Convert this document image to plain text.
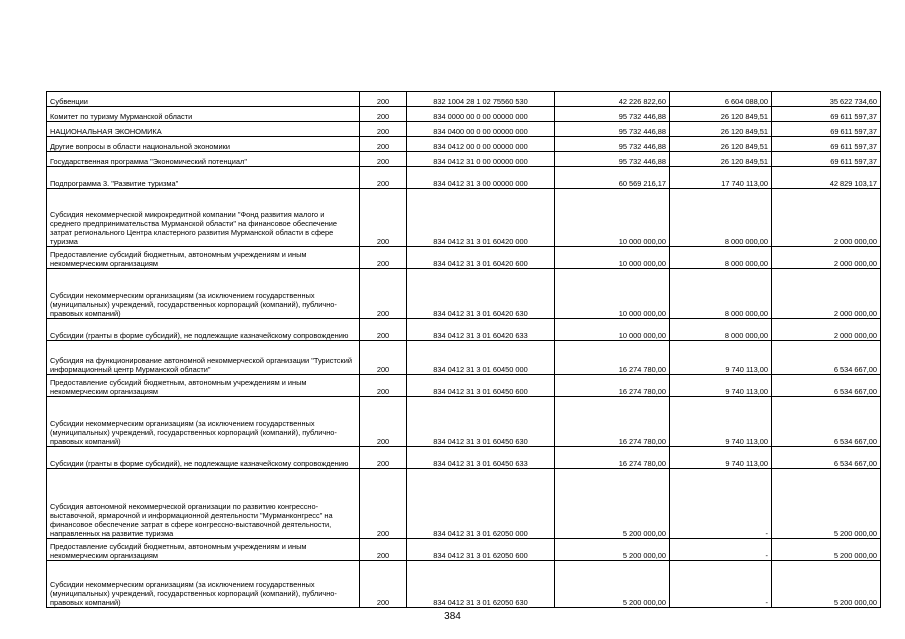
Субвенции	200	832 1004 28 1 02 75560 530	42 226 822,60	6 604 088,00	35 622 734,60
Комитет по туризму Мурманской области	200	834 0000 00 0 00 00000 000	95 732 446,88	26 120 849,51	69 611 597,37
НАЦИОНАЛЬНАЯ ЭКОНОМИКА	200	834 0400 00 0 00 00000 000	95 732 446,88	26 120 849,51	69 611 597,37
Другие вопросы в области национальной экономики	200	834 0412 00 0 00 00000 000	95 732 446,88	26 120 849,51	69 611 597,37
Государственная программа "Экономический потенциал"	200	834 0412 31 0 00 00000 000	95 732 446,88	26 120 849,51	69 611 597,37
Подпрограмма 3. "Развитие туризма"	200	834 0412 31 3 00 00000 000	60 569 216,17	17 740 113,00	42 829 103,17
Субсидия некоммерческой микрокредитной компании "Фонд развития малого и среднего предпринимательства Мурманской области" на финансовое обеспечение затрат регионального Центра кластерного развития Мурманской области в сфере туризма	200	834 0412 31 3 01 60420 000	10 000 000,00	8 000 000,00	2 000 000,00
Предоставление субсидий бюджетным, автономным учреждениям и иным некоммерческим организациям	200	834 0412 31 3 01 60420 600	10 000 000,00	8 000 000,00	2 000 000,00
Субсидии некоммерческим организациям (за исключением государственных (муниципальных) учреждений, государственных корпораций (компаний), публично-правовых компаний)	200	834 0412 31 3 01 60420 630	10 000 000,00	8 000 000,00	2 000 000,00
Субсидии (гранты в форме субсидий), не подлежащие казначейскому сопровождению	200	834 0412 31 3 01 60420 633	10 000 000,00	8 000 000,00	2 000 000,00
Субсидия на функционирование автономной некоммерческой организации "Туристский информационный центр Мурманской области"	200	834 0412 31 3 01 60450 000	16 274 780,00	9 740 113,00	6 534 667,00
Предоставление субсидий бюджетным, автономным учреждениям и иным некоммерческим организациям	200	834 0412 31 3 01 60450 600	16 274 780,00	9 740 113,00	6 534 667,00
Субсидии некоммерческим организациям (за исключением государственных (муниципальных) учреждений, государственных корпораций (компаний), публично-правовых компаний)	200	834 0412 31 3 01 60450 630	16 274 780,00	9 740 113,00	6 534 667,00
Субсидии (гранты в форме субсидий), не подлежащие казначейскому сопровождению	200	834 0412 31 3 01 60450 633	16 274 780,00	9 740 113,00	6 534 667,00
Субсидия автономной некоммерческой организации по развитию конгрессно-выставочной, ярмарочной и информационной деятельности "Мурманконгресс" на финансовое обеспечение затрат в сфере конгрессно-выставочной деятельности, направленных на развитие туризма	200	834 0412 31 3 01 62050 000	5 200 000,00	-	5 200 000,00
Предоставление субсидий бюджетным, автономным учреждениям и иным некоммерческим организациям	200	834 0412 31 3 01 62050 600	5 200 000,00	-	5 200 000,00
Субсидии некоммерческим организациям (за исключением государственных (муниципальных) учреждений, государственных корпораций (компаний), публично-правовых компаний)	200	834 0412 31 3 01 62050 630	5 200 000,00	-	5 200 000,00
384
